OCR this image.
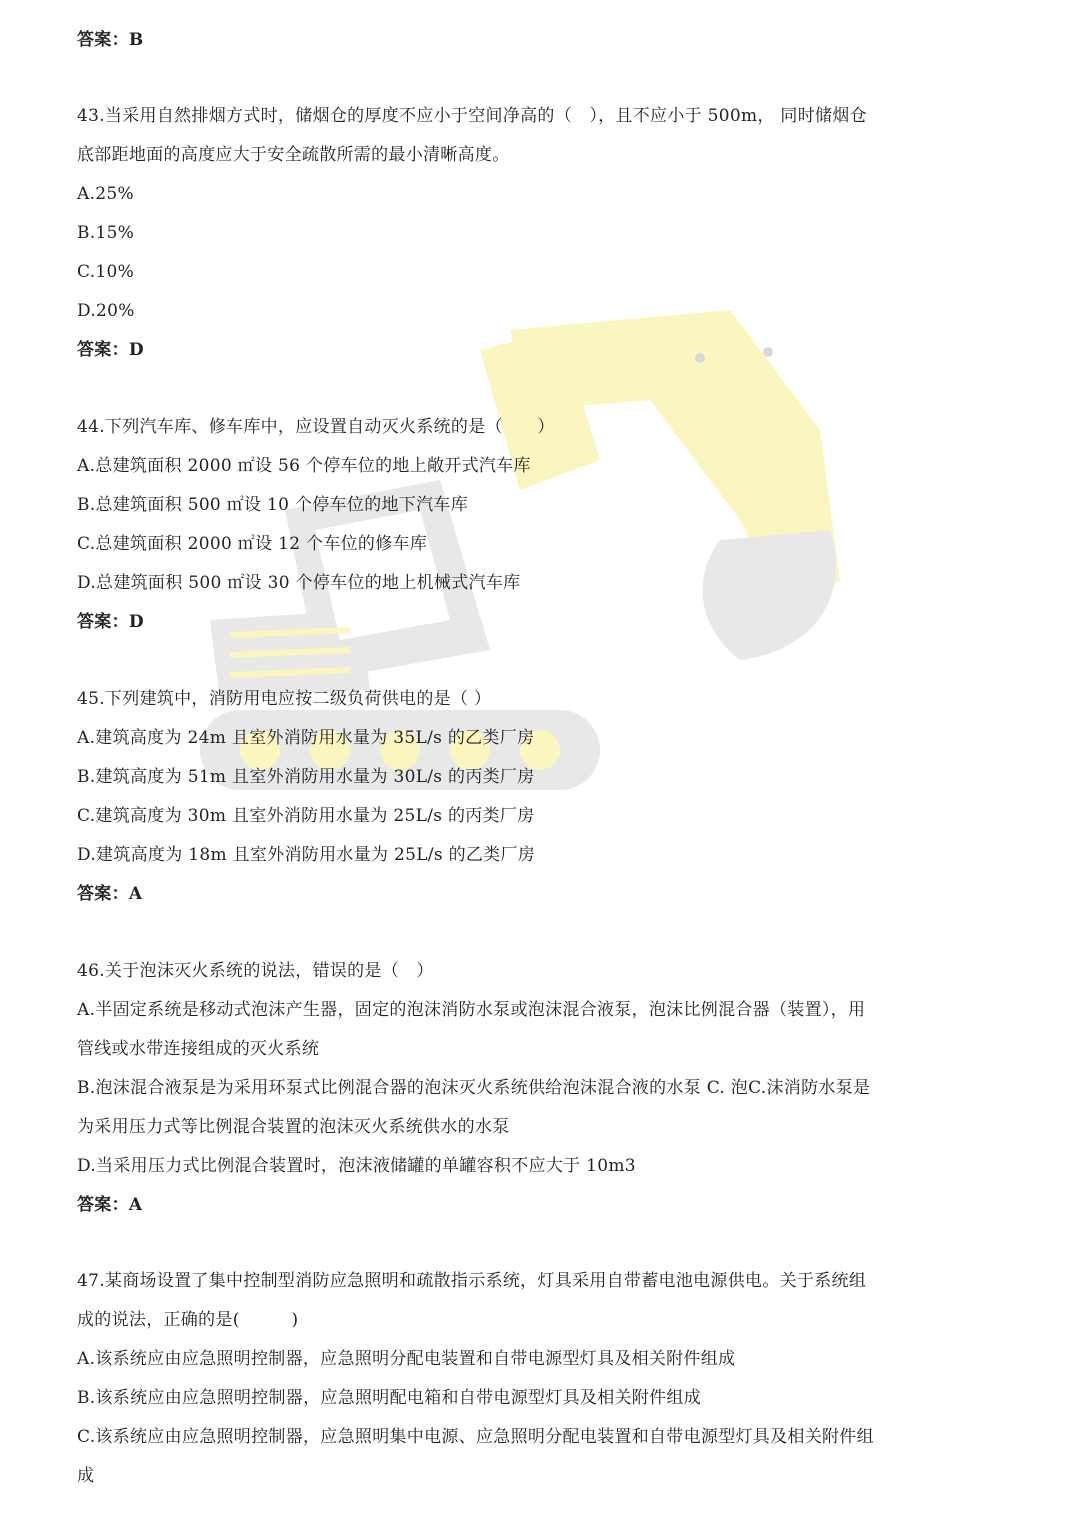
答案：B
43.当采用自然排烟方式时，储烟仓的厚度不应小于空间净高的（　），且不应小于 500m， 同时储烟仓
底部距地面的高度应大于安全疏散所需的最小清晰高度。
A.25%
B.15%
C.10%
D.20%
答案：D
44.下列汽车库、修车库中，应设置自动灭火系统的是（　　）
A.总建筑面积 2000 ㎡设 56 个停车位的地上敞开式汽车库
B.总建筑面积 500 ㎡设 10 个停车位的地下汽车库
C.总建筑面积 2000 ㎡设 12 个车位的修车库
D.总建筑面积 500 ㎡设 30 个停车位的地上机械式汽车库
答案：D
45.下列建筑中，消防用电应按二级负荷供电的是（ ）
A.建筑高度为 24m 且室外消防用水量为 35L/s 的乙类厂房
B.建筑高度为 51m 且室外消防用水量为 30L/s 的丙类厂房
C.建筑高度为 30m 且室外消防用水量为 25L/s 的丙类厂房
D.建筑高度为 18m 且室外消防用水量为 25L/s 的乙类厂房
答案：A
46.关于泡沫灭火系统的说法，错误的是（　）
A.半固定系统是移动式泡沫产生器，固定的泡沫消防水泵或泡沫混合液泵，泡沫比例混合器（装置），用
管线或水带连接组成的灭火系统
B.泡沫混合液泵是为采用环泵式比例混合器的泡沫灭火系统供给泡沫混合液的水泵 C. 泡C.沫消防水泵是
为采用压力式等比例混合装置的泡沫灭火系统供水的水泵
D.当采用压力式比例混合装置时，泡沫液储罐的单罐容积不应大于 10m3
答案：A
47.某商场设置了集中控制型消防应急照明和疏散指示系统，灯具采用自带蓄电池电源供电。关于系统组
成的说法，正确的是(　　　)
A.该系统应由应急照明控制器，应急照明分配电装置和自带电源型灯具及相关附件组成
B.该系统应由应急照明控制器，应急照明配电箱和自带电源型灯具及相关附件组成
C.该系统应由应急照明控制器，应急照明集中电源、应急照明分配电装置和自带电源型灯具及相关附件组
成
